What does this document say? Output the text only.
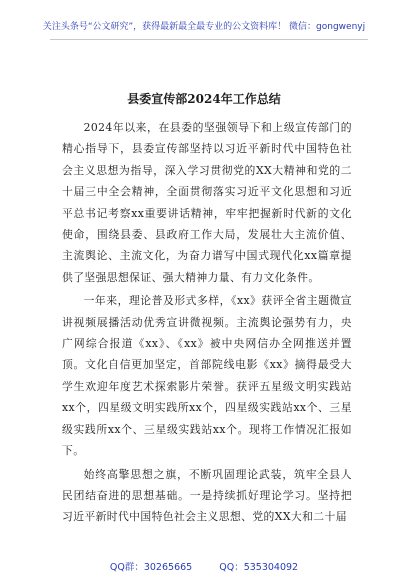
关注头条号“公文研究”，获得最新最全最专业的公文资料库！ 微信：gongwenyj
县委宣传部2024年工作总结

2024年以来，在县委的坚强领导下和上级宣传部门的精心指导下，县委宣传部坚持以习近平新时代中国特色社会主义思想为指导，深入学习贯彻党的XX大精神和党的二十届三中全会精神，全面贯彻落实习近平文化思想和习近平总书记考察xx重要讲话精神，牢牢把握新时代新的文化使命，围绕县委、县政府工作大局，发展壮大主流价值、主流舆论、主流文化，为奋力谱写中国式现代化xx篇章提供了坚强思想保证、强大精神力量、有力文化条件。

一年来，理论普及形式多样，《xx》获评全省主题微宣讲视频展播活动优秀宣讲微视频。主流舆论强势有力，央广网综合报道《xx》、《xx》被中央网信办全网推送并置顶。文化自信更加坚定，首部院线电影《xx》摘得最受大学生欢迎年度艺术探索影片荣誉。获评五星级文明实践站xx个，四星级文明实践所xx个，四星级实践站xx个、三星级实践所xx个、三星级实践站xx个。现将工作情况汇报如下。

始终高擎思想之旗，不断巩固理论武装，筑牢全县人民团结奋进的思想基础。一是持续抓好理论学习。坚持把习近平新时代中国特色社会主义思想、党的XX大和二十届

QQ群：30265665	QQ：535304092
